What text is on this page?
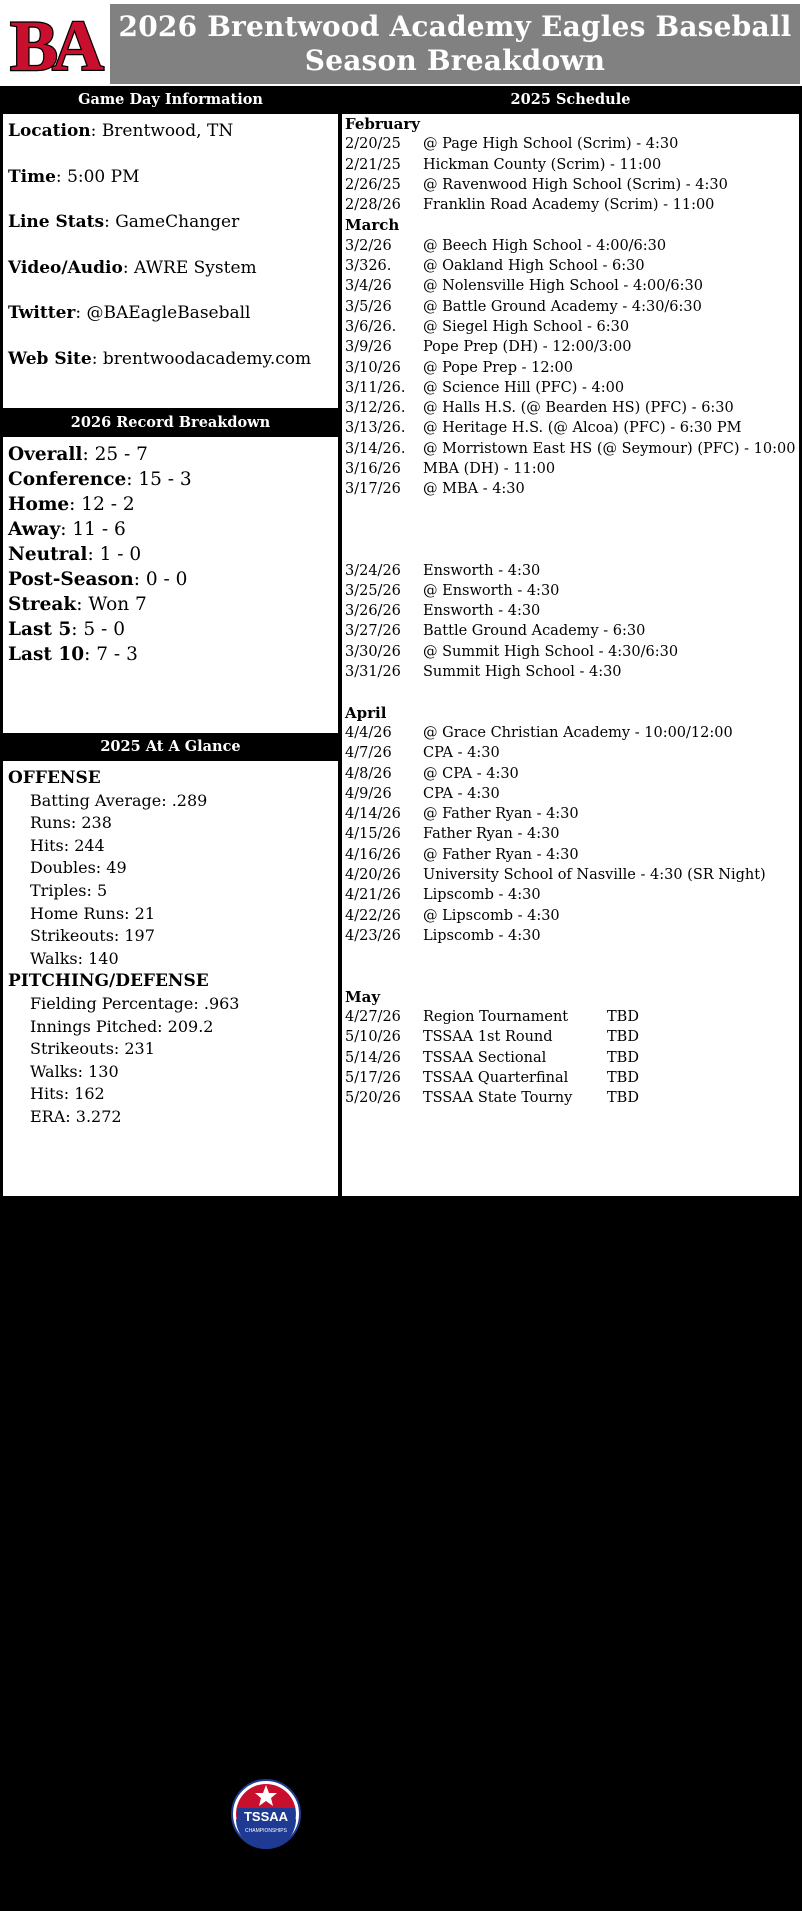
BA 2026 Brentwood Academy Eagles Baseball
Season Breakdown
Game Day Information
Location: Brentwood, TN
Time: 5:00 PM
Line Stats: GameChanger
Video/Audio: AWRE System
Twitter: @BAEagleBaseball
Web Site: brentwoodacademy.com
2026 Record Breakdown
Overall: 25 - 7
Conference: 15 - 3
Home: 12 - 2
Away: 11 - 6
Neutral: 1 - 0
Post-Season: 0 - 0
Streak: Won 7
Last 5: 5 - 0
Last 10: 7 - 3
2025 At A Glance
OFFENSE
Batting Average: .289
Runs: 238
Hits: 244
Doubles: 49
Triples: 5
Home Runs: 21
Strikeouts: 197
Walks: 140
PITCHING/DEFENSE
Fielding Percentage: .963
Innings Pitched: 209.2
Strikeouts: 231
Walks: 130
Hits: 162
ERA: 3.272
TSSAA
CHAMPIONSHIPS
2025 Schedule
February
2/20/25 @ Page High School (Scrim) - 4:30
2/21/25 Hickman County (Scrim) - 11:00
2/26/25 @ Ravenwood High School (Scrim) - 4:30
2/28/26 Franklin Road Academy (Scrim) - 11:00
March
3/2/26 @ Beech High School - 4:00/6:30
3/326. @ Oakland High School - 6:30
3/4/26 @ Nolensville High School - 4:00/6:30
3/5/26 @ Battle Ground Academy - 4:30/6:30
3/6/26. @ Siegel High School - 6:30
3/9/26 Pope Prep (DH) - 12:00/3:00
3/10/26 @ Pope Prep - 12:00
3/11/26. @ Science Hill (PFC) - 4:00
3/12/26. @ Halls H.S. (@ Bearden HS) (PFC) - 6:30
3/13/26. @ Heritage H.S. (@ Alcoa) (PFC) - 6:30 PM
3/14/26. @ Morristown East HS (@ Seymour) (PFC) - 10:00
3/16/26 MBA (DH) - 11:00
3/17/26 @ MBA - 4:30
3/24/26 Ensworth - 4:30
3/25/26 @ Ensworth - 4:30
3/26/26 Ensworth - 4:30
3/27/26 Battle Ground Academy - 6:30
3/30/26 @ Summit High School - 4:30/6:30
3/31/26 Summit High School - 4:30
April
4/4/26 @ Grace Christian Academy - 10:00/12:00
4/7/26 CPA - 4:30
4/8/26 @ CPA - 4:30
4/9/26 CPA - 4:30
4/14/26 @ Father Ryan - 4:30
4/15/26 Father Ryan - 4:30
4/16/26 @ Father Ryan - 4:30
4/20/26 University School of Nasville - 4:30 (SR Night)
4/21/26 Lipscomb - 4:30
4/22/26 @ Lipscomb - 4:30
4/23/26 Lipscomb - 4:30
May
4/27/26 Region Tournament	TBD
5/10/26 TSSAA 1st Round	TBD
5/14/26 TSSAA Sectional	TBD
5/17/26 TSSAA Quarterfinal	TBD
5/20/26 TSSAA State Tourny TBD
